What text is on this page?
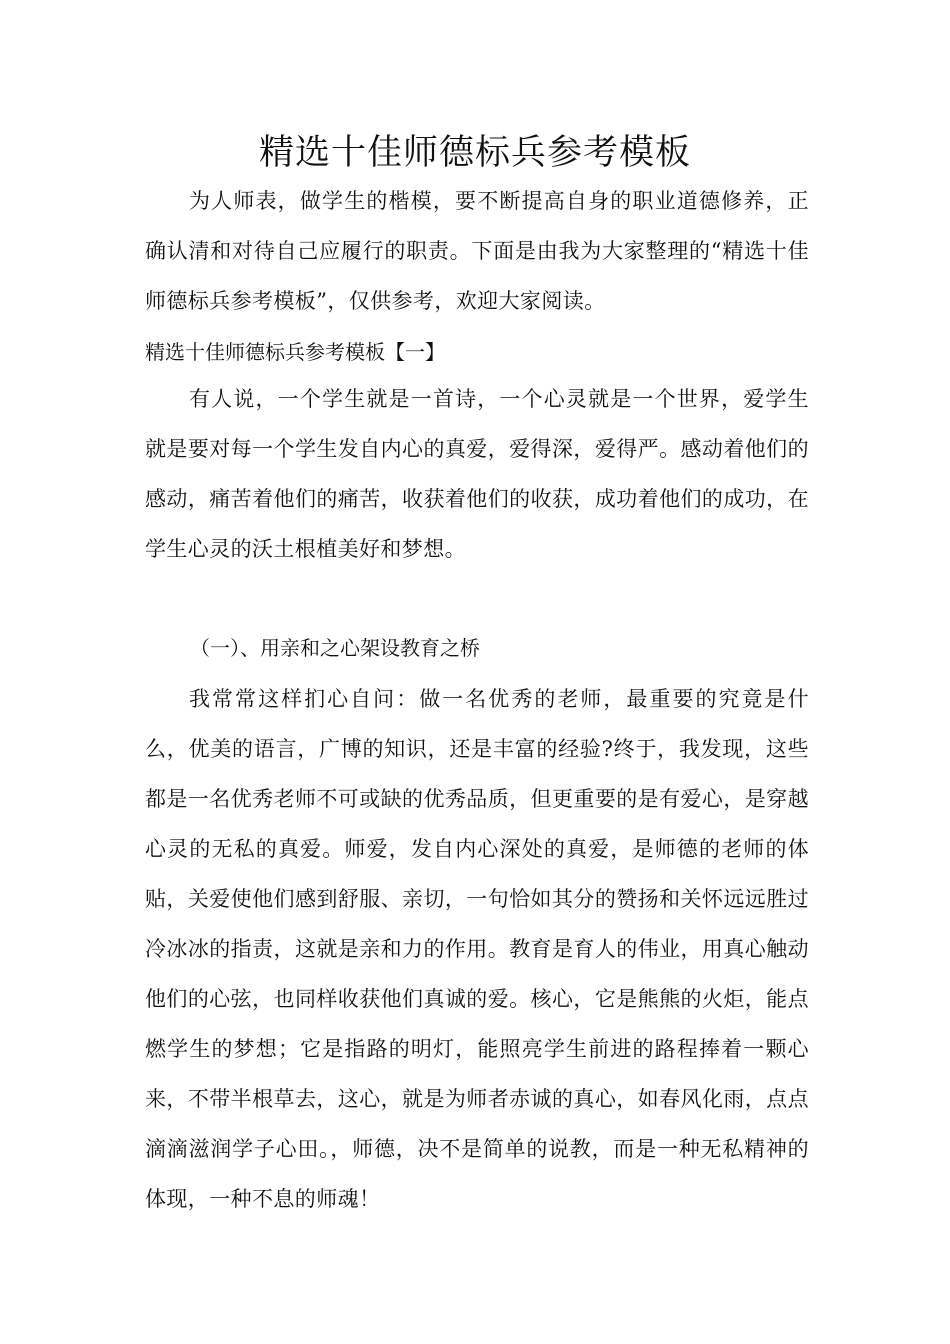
精选十佳师德标兵参考模板

为人师表，做学生的楷模，要不断提高自身的职业道德修养，正确认清和对待自己应履行的职责。下面是由我为大家整理的“精选十佳师德标兵参考模板”，仅供参考，欢迎大家阅读。

精选十佳师德标兵参考模板【一】

有人说，一个学生就是一首诗，一个心灵就是一个世界，爱学生就是要对每一个学生发自内心的真爱，爱得深，爱得严。感动着他们的感动，痛苦着他们的痛苦，收获着他们的收获，成功着他们的成功，在学生心灵的沃土根植美好和梦想。

（一）、用亲和之心架设教育之桥

我常常这样扪心自问：做一名优秀的老师，最重要的究竟是什么，优美的语言，广博的知识，还是丰富的经验?终于，我发现，这些都是一名优秀老师不可或缺的优秀品质，但更重要的是有爱心，是穿越心灵的无私的真爱。师爱，发自内心深处的真爱，是师德的老师的体贴，关爱使他们感到舒服、亲切，一句恰如其分的赞扬和关怀远远胜过冷冰冰的指责，这就是亲和力的作用。教育是育人的伟业，用真心触动他们的心弦，也同样收获他们真诚的爱。核心，它是熊熊的火炬，能点燃学生的梦想；它是指路的明灯，能照亮学生前进的路程捧着一颗心来，不带半根草去，这心，就是为师者赤诚的真心，如春风化雨，点点滴滴滋润学子心田。，师德，决不是简单的说教，而是一种无私精神的体现，一种不息的师魂！
